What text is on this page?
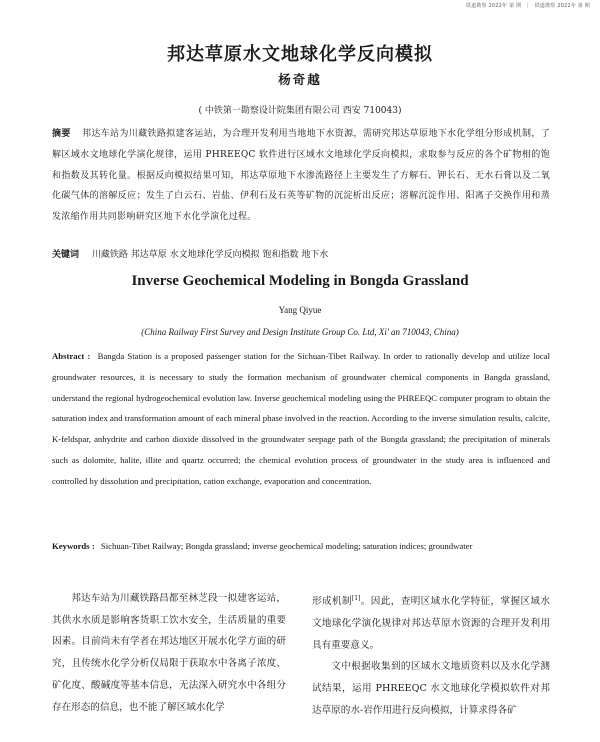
铁道勘察 2022年 第 期 | 铁道勘察 2022年 第 期
邦达草原水文地球化学反向模拟
杨奇越
( 中铁第一勘察设计院集团有限公司 西安 710043)
摘要 邦达车站为川藏铁路拟建客运站，为合理开发利用当地地下水资源，需研究邦达草原地下水化学组分形成机制，了解区域水文地球化学演化规律，运用 PHREEQC 软件进行区域水文地球化学反向模拟，求取参与反应的各个矿物相的饱和指数及其转化量。根据反向模拟结果可知，邦达草原地下水渗流路径上主要发生了方解石、钾长石、无水石膏以及二氧化碳气体的溶解反应；发生了白云石、岩盐、伊利石及石英等矿物的沉淀析出反应；溶解沉淀作用、阳离子交换作用和蒸发浓缩作用共同影响研究区地下水化学演化过程。
关键词 川藏铁路 邦达草原 水文地球化学反向模拟 饱和指数 地下水
Inverse Geochemical Modeling in Bongda Grassland
Yang Qiyue
(China Railway First Survey and Design Institute Group Co. Ltd, Xi' an 710043, China)
Abstract : Bangda Station is a proposed passenger station for the Sichuan-Tibet Railway. In order to rationally develop and utilize local groundwater resources, it is necessary to study the formation mechanism of groundwater chemical components in Bangda grassland, understand the regional hydrogeochemical evolution law. Inverse geochemical modeling using the PHREEQC computer program to obtain the saturation index and transformation amount of each mineral phase involved in the reaction. According to the inverse simulation results, calcite, K-feldspar, anhydrite and carbon dioxide dissolved in the groundwater seepage path of the Bongda grassland; the precipitation of minerals such as dolomite, halite, illite and quartz occurred; the chemical evolution process of groundwater in the study area is influenced and controlled by dissolution and precipitation, cation exchange, evaporation and concentration.
Keywords : Sichuan-Tibet Railway; Bongda grassland; inverse geochemical modeling; saturation indices; groundwater

邦达车站为川藏铁路昌都至林芝段一拟建客运站，其供水水质是影响客货职工饮水安全，生活质量的重要因素。目前尚未有学者在邦达地区开展水化学方面的研究，且传统水化学分析仅局限于获取水中各离子浓度、矿化度、酸碱度等基本信息，无法深入研究水中各组分存在形态的信息，也不能了解区域水化学

形成机制[1]。因此，查明区域水化学特征，掌握区域水文地球化学演化规律对邦达草原水资源的合理开发利用具有重要意义。

文中根据收集到的区域水文地质资料以及水化学测试结果，运用 PHREEQC 水文地球化学模拟软件对邦达草原的水-岩作用进行反向模拟，计算求得各矿
